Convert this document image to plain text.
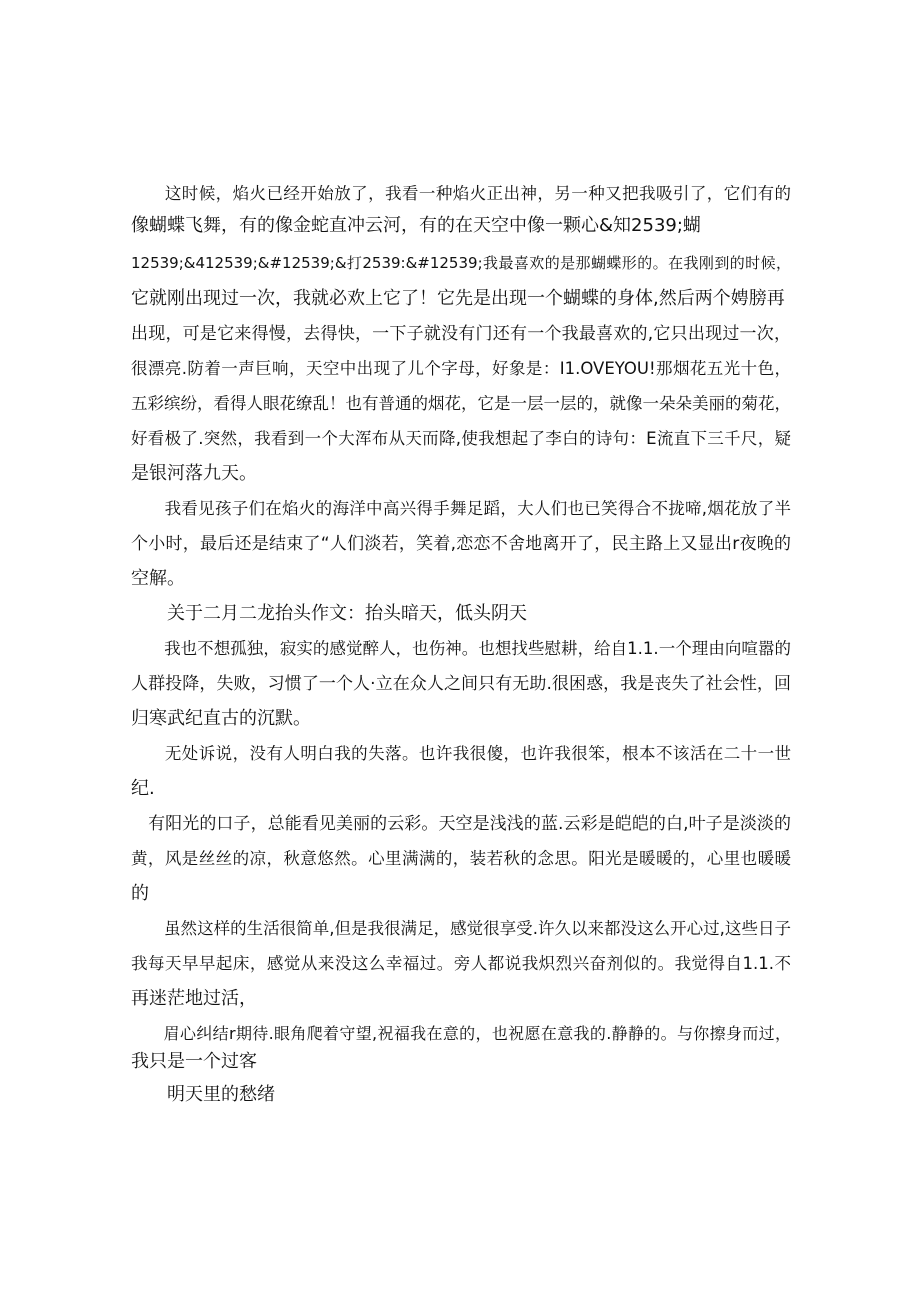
　　这时候，焰火已经开始放了，我看一种焰火正出神，另一种又把我吸引了，它们有的
像蝴蝶飞舞，有的像金蛇直冲云河，有的在天空中像一颗心&知2539;蝴
12539;&412539;&#12539;&打2539:&#12539;我最喜欢的是那蝴蝶形的。在我刚到的时候，
它就刚出现过一次，我就必欢上它了！它先是出现一个蝴蝶的身体,然后两个娉膀再
出现，可是它来得慢，去得快，一下子就没有门还有一个我最喜欢的,它只出现过一次，
很漂亮.防着一声巨响，天空中出现了儿个字母，好象是：I1.OVEYOU!那烟花五光十色，
五彩缤纷，看得人眼花缭乱！也有普通的烟花，它是一层一层的，就像一朵朵美丽的菊花，
好看极了.突然，我看到一个大浑布从天而降,使我想起了李白的诗句：E流直下三千尺，疑
是银河落九天。
　　我看见孩子们在焰火的海洋中高兴得手舞足蹈，大人们也已笑得合不拢啼,烟花放了半
个小时，最后还是结束了“人们淡若，笑着,恋恋不舍地离开了，民主路上又显出r夜晚的
空解。
　　关于二月二龙抬头作文：抬头暗天，低头阴天
　　我也不想孤独，寂实的感觉醉人，也伤神。也想找些慰耕，给自1.1.一个理由向喧嚣的
人群投降，失败，习惯了一个人·立在众人之间只有无助.很困惑，我是丧失了社会性，回
归寒武纪直古的沉默。
　　无处诉说，没有人明白我的失落。也许我很傻，也许我很笨，根本不该活在二十一世
纪.
　有阳光的口子，总能看见美丽的云彩。天空是浅浅的蓝.云彩是皑皑的白,叶子是淡淡的
黄，风是丝丝的凉，秋意悠然。心里满满的，装若秋的念思。阳光是暖暖的，心里也暖暖
的
　　虽然这样的生活很简单,但是我很满足，感觉很享受.许久以来都没这么开心过,这些日子
我每天早早起床，感觉从来没这么幸福过。旁人都说我炽烈兴奋剂似的。我觉得自1.1.不
再迷茫地过活，
　　眉心纠结r期待.眼角爬着守望,祝福我在意的，也祝愿在意我的.静静的。与你擦身而过，
我只是一个过客
　　明天里的愁绪
